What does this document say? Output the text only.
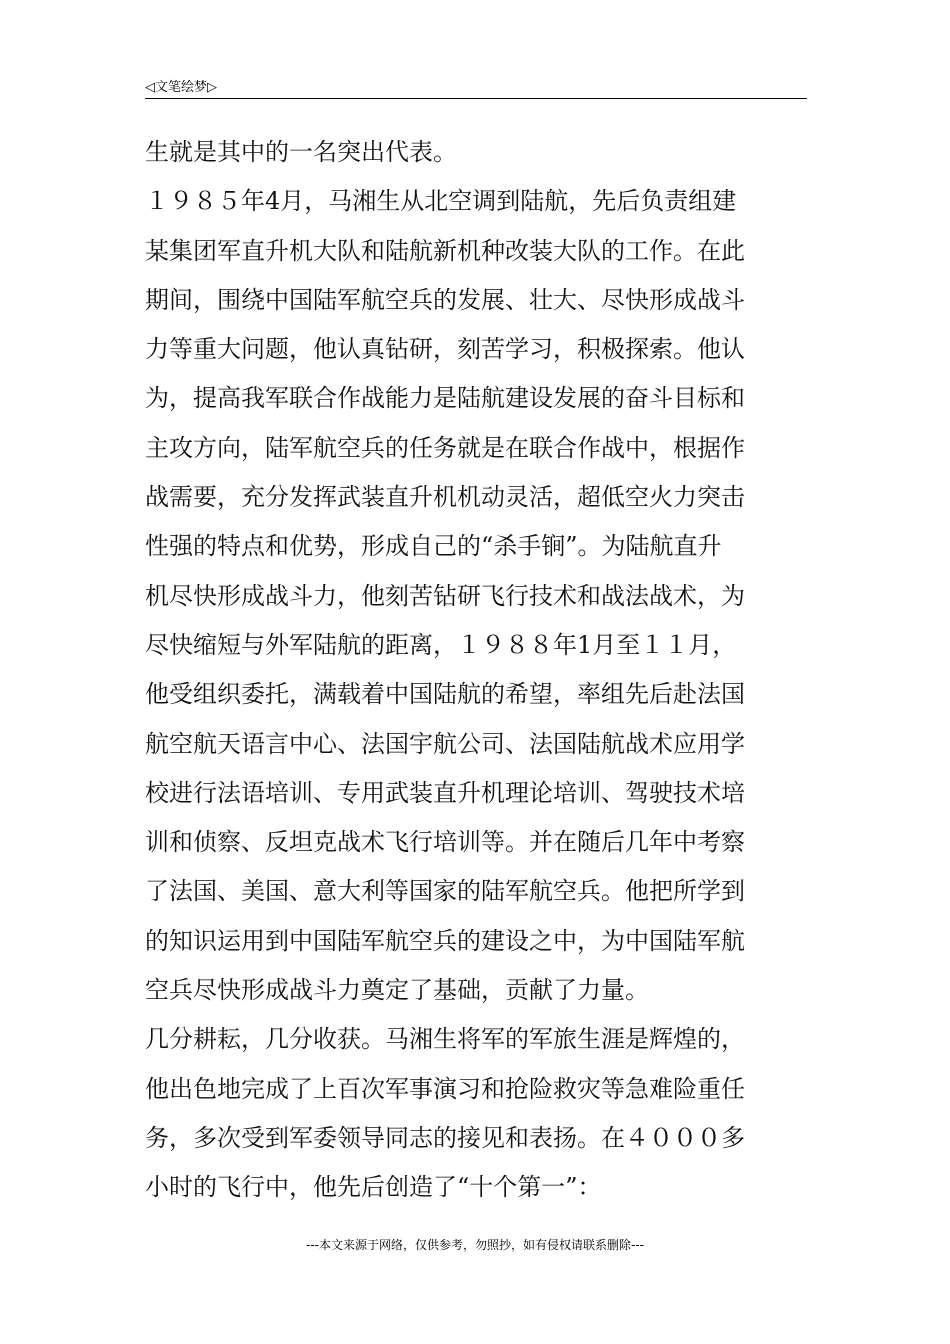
◁文笔绘梦▷
生就是其中的一名突出代表。
１９８５年4月，马湘生从北空调到陆航，先后负责组建
某集团军直升机大队和陆航新机种改装大队的工作。在此
期间，围绕中国陆军航空兵的发展、壮大、尽快形成战斗
力等重大问题，他认真钻研，刻苦学习，积极探索。他认
为，提高我军联合作战能力是陆航建设发展的奋斗目标和
主攻方向，陆军航空兵的任务就是在联合作战中，根据作
战需要，充分发挥武装直升机机动灵活，超低空火力突击
性强的特点和优势，形成自己的“杀手锏”。为陆航直升
机尽快形成战斗力，他刻苦钻研飞行技术和战法战术，为
尽快缩短与外军陆航的距离，１９８８年1月至１１月，
他受组织委托，满载着中国陆航的希望，率组先后赴法国
航空航天语言中心、法国宇航公司、法国陆航战术应用学
校进行法语培训、专用武装直升机理论培训、驾驶技术培
训和侦察、反坦克战术飞行培训等。并在随后几年中考察
了法国、美国、意大利等国家的陆军航空兵。他把所学到
的知识运用到中国陆军航空兵的建设之中，为中国陆军航
空兵尽快形成战斗力奠定了基础，贡献了力量。
几分耕耘，几分收获。马湘生将军的军旅生涯是辉煌的，
他出色地完成了上百次军事演习和抢险救灾等急难险重任
务，多次受到军委领导同志的接见和表扬。在４０００多
小时的飞行中，他先后创造了“十个第一”：
---本文来源于网络，仅供参考，勿照抄，如有侵权请联系删除---
